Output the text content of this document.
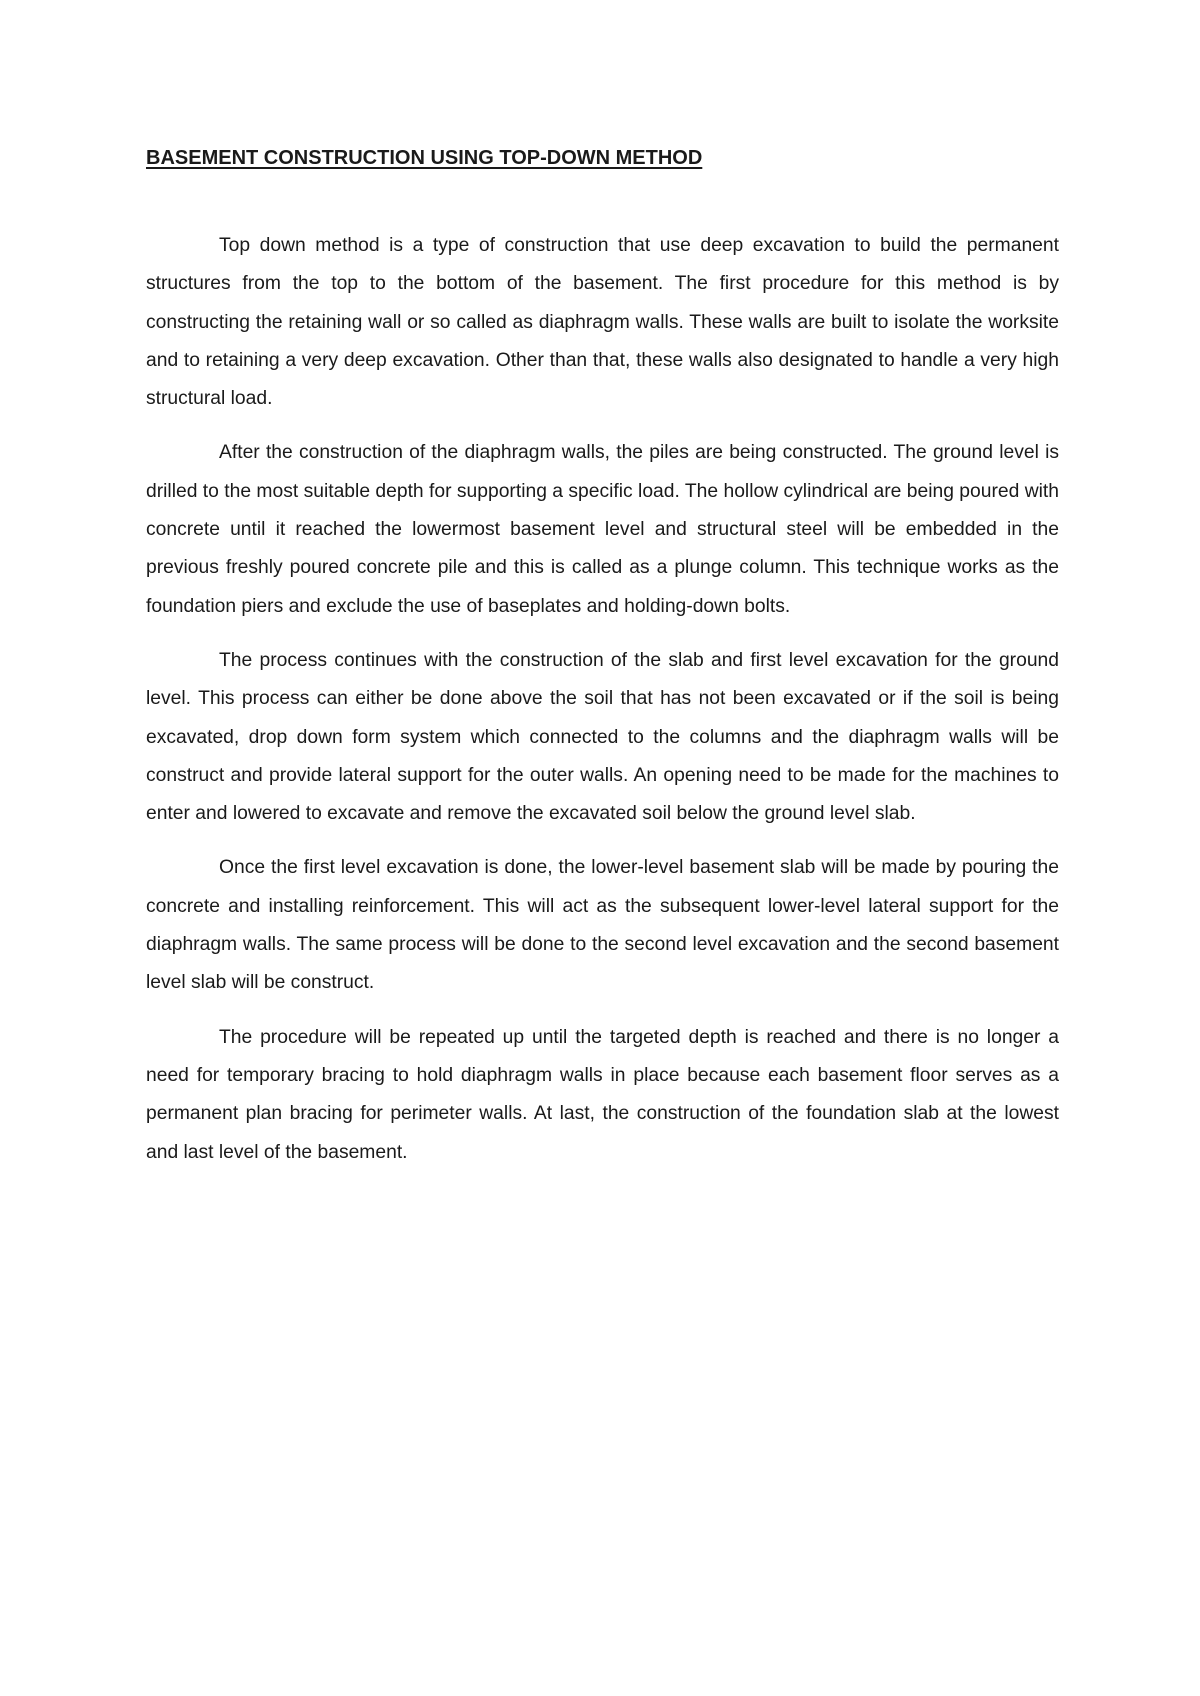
BASEMENT CONSTRUCTION USING TOP-DOWN METHOD

Top down method is a type of construction that use deep excavation to build the permanent structures from the top to the bottom of the basement. The first procedure for this method is by constructing the retaining wall or so called as diaphragm walls. These walls are built to isolate the worksite and to retaining a very deep excavation. Other than that, these walls also designated to handle a very high structural load.

After the construction of the diaphragm walls, the piles are being constructed. The ground level is drilled to the most suitable depth for supporting a specific load. The hollow cylindrical are being poured with concrete until it reached the lowermost basement level and structural steel will be embedded in the previous freshly poured concrete pile and this is called as a plunge column. This technique works as the foundation piers and exclude the use of baseplates and holding-down bolts.

The process continues with the construction of the slab and first level excavation for the ground level. This process can either be done above the soil that has not been excavated or if the soil is being excavated, drop down form system which connected to the columns and the diaphragm walls will be construct and provide lateral support for the outer walls. An opening need to be made for the machines to enter and lowered to excavate and remove the excavated soil below the ground level slab.

Once the first level excavation is done, the lower-level basement slab will be made by pouring the concrete and installing reinforcement. This will act as the subsequent lower-level lateral support for the diaphragm walls. The same process will be done to the second level excavation and the second basement level slab will be construct.

The procedure will be repeated up until the targeted depth is reached and there is no longer a need for temporary bracing to hold diaphragm walls in place because each basement floor serves as a permanent plan bracing for perimeter walls. At last, the construction of the foundation slab at the lowest and last level of the basement.
